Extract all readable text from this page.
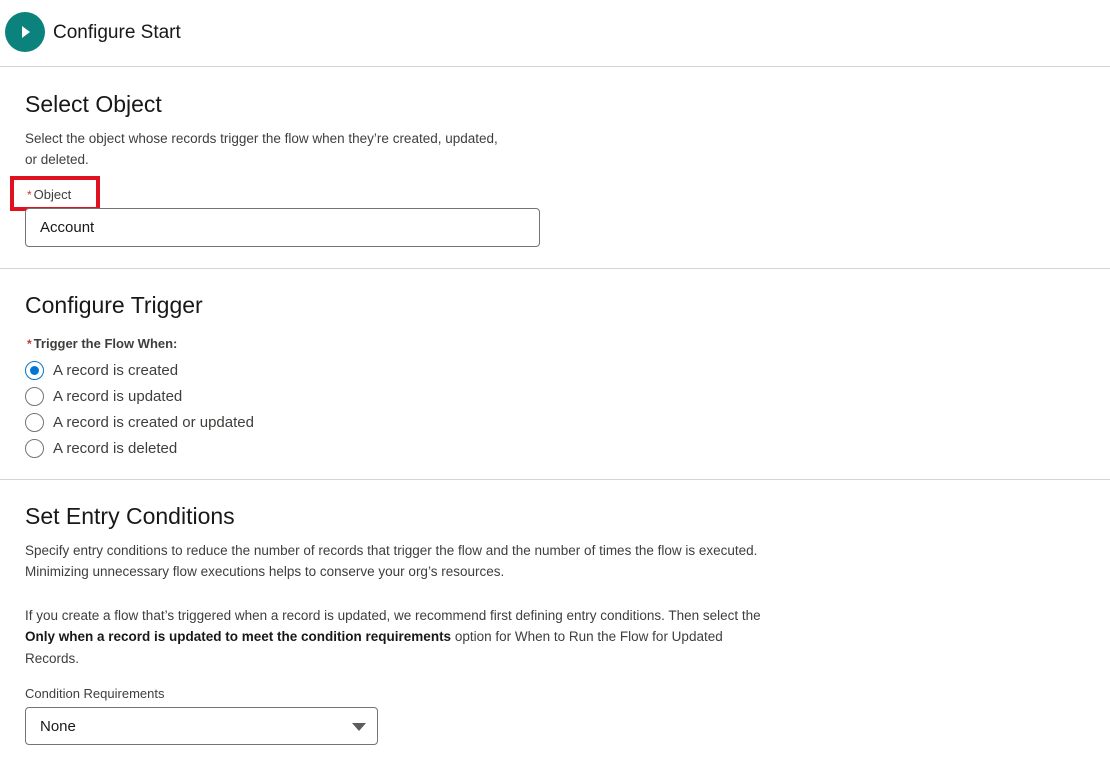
Configure Start
Select Object
Select the object whose records trigger the flow when they’re created, updated,
or deleted.
* Object
Account
Configure Trigger
* Trigger the Flow When:
A record is created
A record is updated
A record is created or updated
A record is deleted
Set Entry Conditions
Specify entry conditions to reduce the number of records that trigger the flow and the number of times the flow is executed.
Minimizing unnecessary flow executions helps to conserve your org’s resources.
If you create a flow that’s triggered when a record is updated, we recommend first defining entry conditions. Then select the
Only when a record is updated to meet the condition requirements option for When to Run the Flow for Updated
Records.
Condition Requirements
None
